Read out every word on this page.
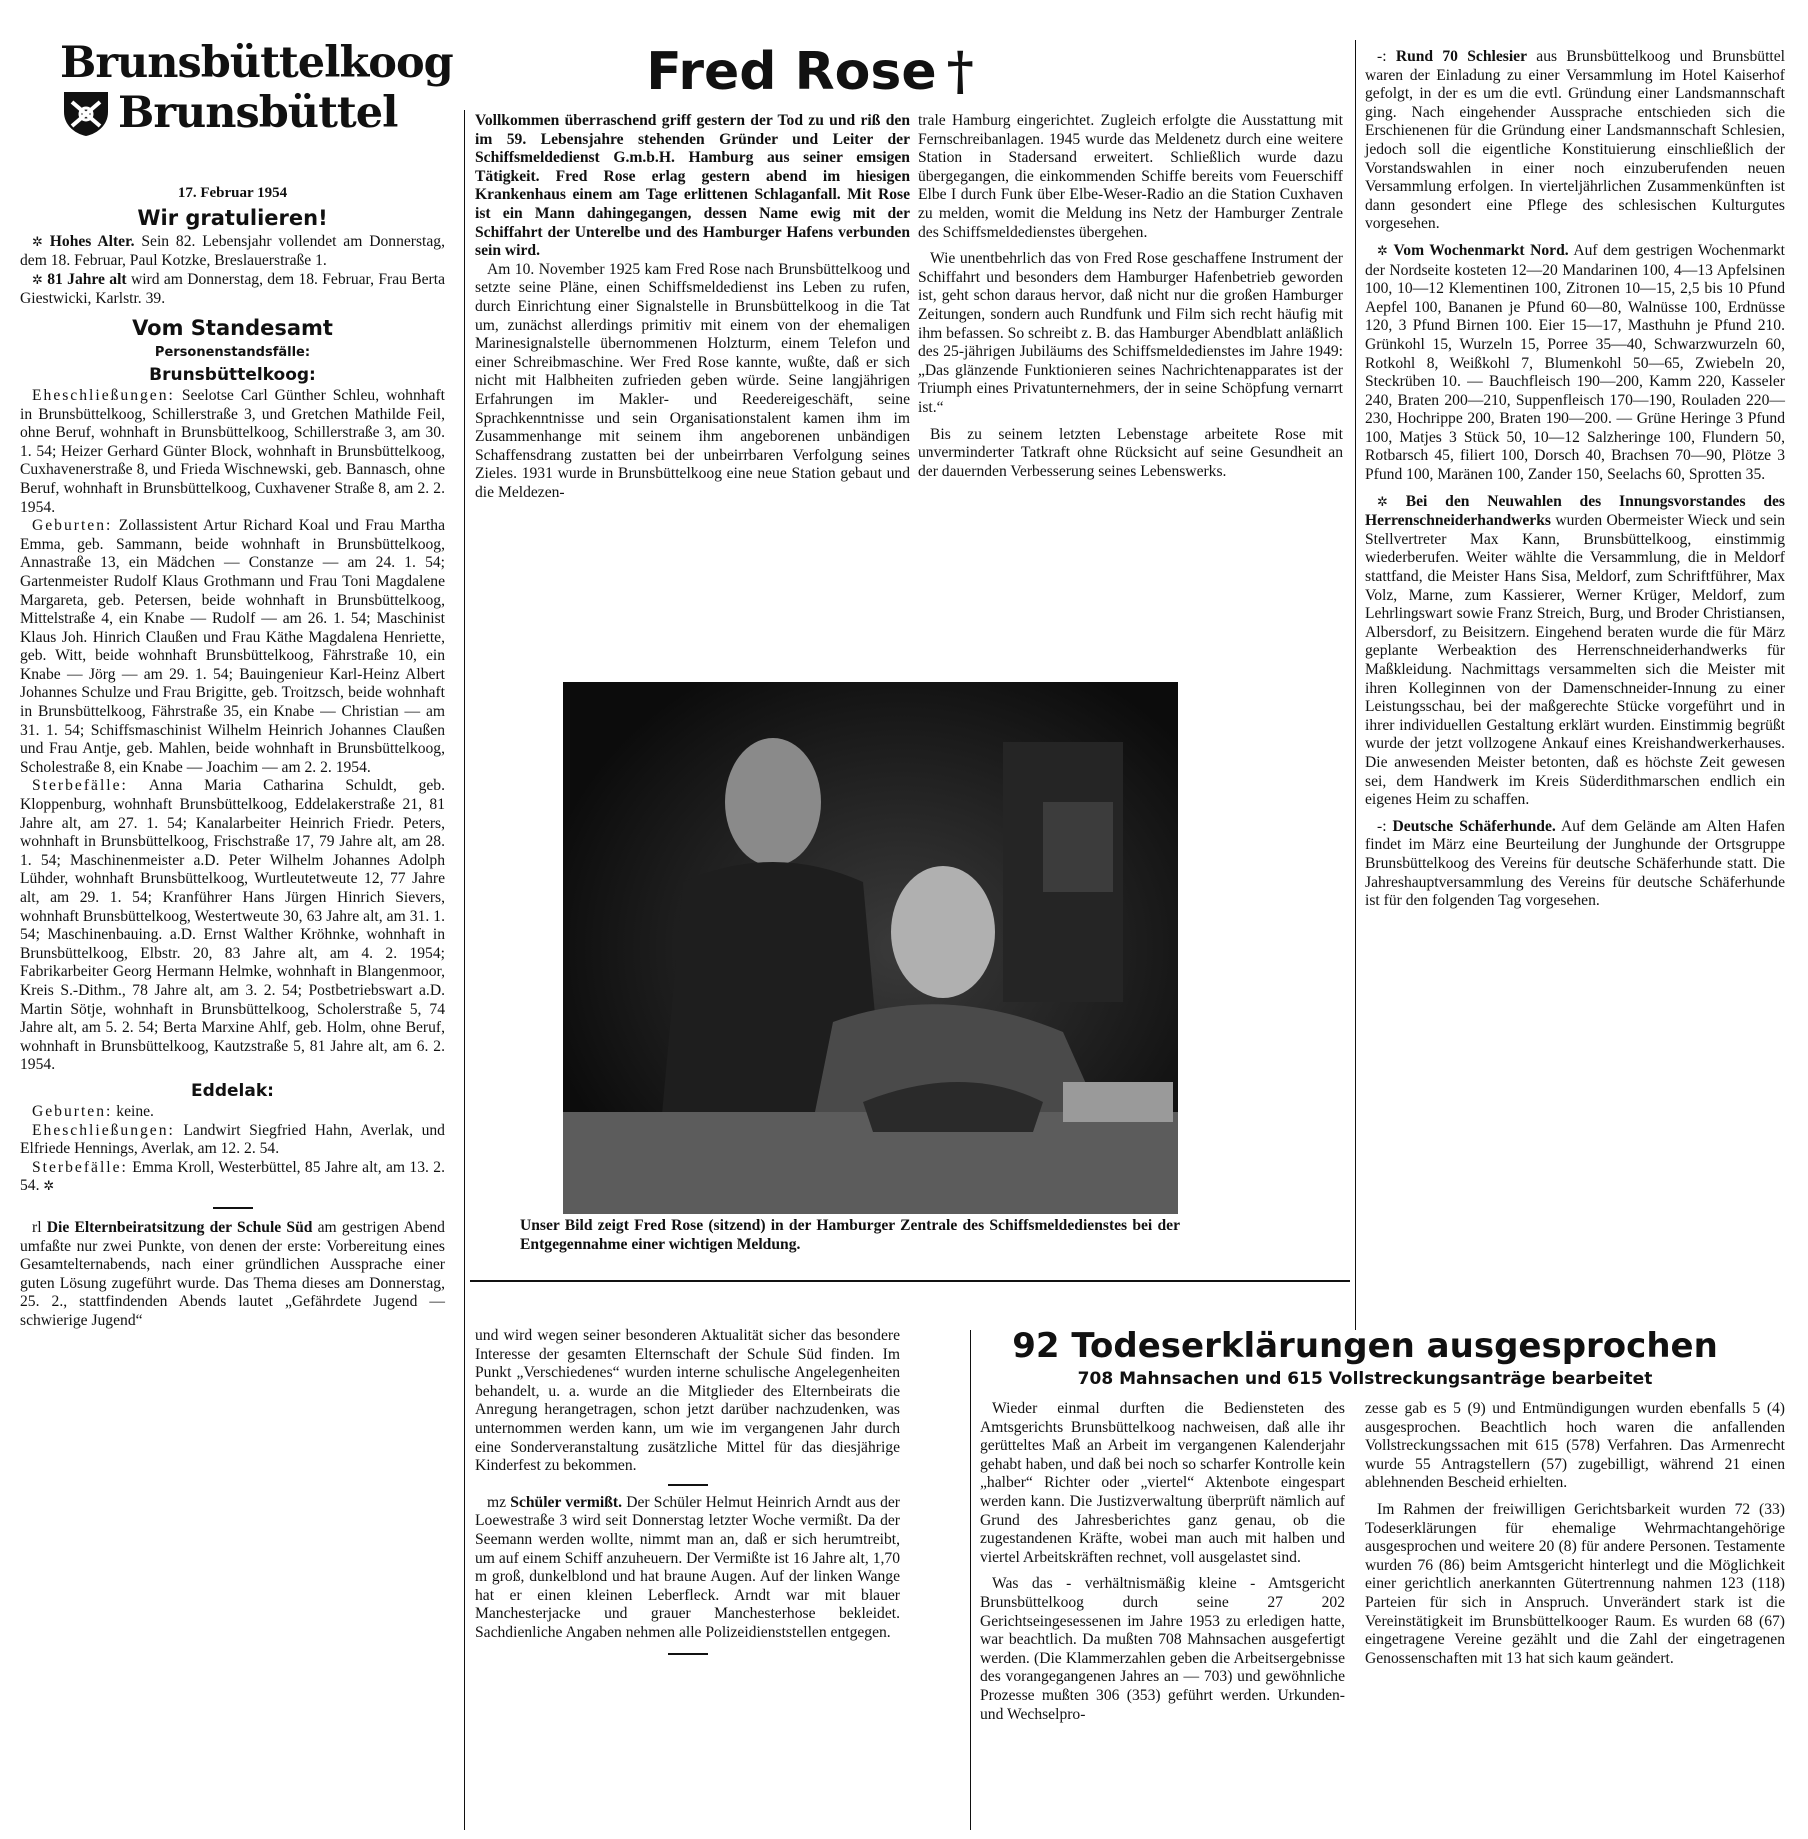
Brunsbüttelkoog
Brunsbüttel
Fred Rose †
17. Februar 1954
Wir gratulieren!

✲ Hohes Alter. Sein 82. Lebensjahr vollendet am Donnerstag, dem 18. Februar, Paul Kotzke, Breslauerstraße 1.

✲ 81 Jahre alt wird am Donnerstag, dem 18. Februar, Frau Berta Giestwicki, Karlstr. 39.

Vom Standesamt
Personenstandsfälle:
Brunsbüttelkoog:

Eheschließungen: Seelotse Carl Günther Schleu, wohnhaft in Brunsbüttelkoog, Schillerstraße 3, und Gretchen Mathilde Feil, ohne Beruf, wohnhaft in Brunsbüttelkoog, Schillerstraße 3, am 30. 1. 54; Heizer Gerhard Günter Block, wohnhaft in Brunsbüttelkoog, Cuxhavenerstraße 8, und Frieda Wischnewski, geb. Bannasch, ohne Beruf, wohnhaft in Brunsbüttelkoog, Cuxhavener Straße 8, am 2. 2. 1954.

Geburten: Zollassistent Artur Richard Koal und Frau Martha Emma, geb. Sammann, beide wohnhaft in Brunsbüttelkoog, Annastraße 13, ein Mädchen — Constanze — am 24. 1. 54; Gartenmeister Rudolf Klaus Grothmann und Frau Toni Magdalene Margareta, geb. Petersen, beide wohnhaft in Brunsbüttelkoog, Mittelstraße 4, ein Knabe — Rudolf — am 26. 1. 54; Maschinist Klaus Joh. Hinrich Claußen und Frau Käthe Magdalena Henriette, geb. Witt, beide wohnhaft Brunsbüttelkoog, Fährstraße 10, ein Knabe — Jörg — am 29. 1. 54; Bauingenieur Karl-Heinz Albert Johannes Schulze und Frau Brigitte, geb. Troitzsch, beide wohnhaft in Brunsbüttelkoog, Fährstraße 35, ein Knabe — Christian — am 31. 1. 54; Schiffsmaschinist Wilhelm Heinrich Johannes Claußen und Frau Antje, geb. Mahlen, beide wohnhaft in Brunsbüttelkoog, Scholestraße 8, ein Knabe — Joachim — am 2. 2. 1954.

Sterbefälle: Anna Maria Catharina Schuldt, geb. Kloppenburg, wohnhaft Brunsbüttelkoog, Eddelakerstraße 21, 81 Jahre alt, am 27. 1. 54; Kanalarbeiter Heinrich Friedr. Peters, wohnhaft in Brunsbüttelkoog, Frischstraße 17, 79 Jahre alt, am 28. 1. 54; Maschinenmeister a.D. Peter Wilhelm Johannes Adolph Lühder, wohnhaft Brunsbüttelkoog, Wurtleutetweute 12, 77 Jahre alt, am 29. 1. 54; Kranführer Hans Jürgen Hinrich Sievers, wohnhaft Brunsbüttelkoog, Westertweute 30, 63 Jahre alt, am 31. 1. 54; Maschinenbauing. a.D. Ernst Walther Kröhnke, wohnhaft in Brunsbüttelkoog, Elbstr. 20, 83 Jahre alt, am 4. 2. 1954; Fabrikarbeiter Georg Hermann Helmke, wohnhaft in Blangenmoor, Kreis S.-Dithm., 78 Jahre alt, am 3. 2. 54; Postbetriebswart a.D. Martin Sötje, wohnhaft in Brunsbüttelkoog, Scholerstraße 5, 74 Jahre alt, am 5. 2. 54; Berta Marxine Ahlf, geb. Holm, ohne Beruf, wohnhaft in Brunsbüttelkoog, Kautzstraße 5, 81 Jahre alt, am 6. 2. 1954.

Eddelak:

Geburten: keine.

Eheschließungen: Landwirt Siegfried Hahn, Averlak, und Elfriede Hennings, Averlak, am 12. 2. 54.

Sterbefälle: Emma Kroll, Westerbüttel, 85 Jahre alt, am 13. 2. 54. ✲

rl Die Elternbeiratsitzung der Schule Süd am gestrigen Abend umfaßte nur zwei Punkte, von denen der erste: Vorbereitung eines Gesamtelternabends, nach einer gründlichen Aussprache einer guten Lösung zugeführt wurde. Das Thema dieses am Donnerstag, 25. 2., stattfindenden Abends lautet „Gefährdete Jugend — schwierige Jugend“

Vollkommen überraschend griff gestern der Tod zu und riß den im 59. Lebensjahre stehenden Gründer und Leiter der Schiffsmeldedienst G.m.b.H. Hamburg aus seiner emsigen Tätigkeit. Fred Rose erlag gestern abend im hiesigen Krankenhaus einem am Tage erlittenen Schlaganfall. Mit Rose ist ein Mann dahingegangen, dessen Name ewig mit der Schiffahrt der Unterelbe und des Hamburger Hafens verbunden sein wird.

Am 10. November 1925 kam Fred Rose nach Brunsbüttelkoog und setzte seine Pläne, einen Schiffsmeldedienst ins Leben zu rufen, durch Einrichtung einer Signalstelle in Brunsbüttelkoog in die Tat um, zunächst allerdings primitiv mit einem von der ehemaligen Marinesignalstelle übernommenen Holzturm, einem Telefon und einer Schreibmaschine. Wer Fred Rose kannte, wußte, daß er sich nicht mit Halbheiten zufrieden geben würde. Seine langjährigen Erfahrungen im Makler- und Reedereigeschäft, seine Sprachkenntnisse und sein Organisationstalent kamen ihm im Zusammenhange mit seinem ihm angeborenen unbändigen Schaffensdrang zustatten bei der unbeirrbaren Verfolgung seines Zieles. 1931 wurde in Brunsbüttelkoog eine neue Station gebaut und die Meldezen-

trale Hamburg eingerichtet. Zugleich erfolgte die Ausstattung mit Fernschreibanlagen. 1945 wurde das Meldenetz durch eine weitere Station in Stadersand erweitert. Schließlich wurde dazu übergegangen, die einkommenden Schiffe bereits vom Feuerschiff Elbe I durch Funk über Elbe-Weser-Radio an die Station Cuxhaven zu melden, womit die Meldung ins Netz der Hamburger Zentrale des Schiffsmeldedienstes übergehen.

Wie unentbehrlich das von Fred Rose geschaffene Instrument der Schiffahrt und besonders dem Hamburger Hafenbetrieb geworden ist, geht schon daraus hervor, daß nicht nur die großen Hamburger Zeitungen, sondern auch Rundfunk und Film sich recht häufig mit ihm befassen. So schreibt z. B. das Hamburger Abendblatt anläßlich des 25-jährigen Jubiläums des Schiffsmeldedienstes im Jahre 1949: „Das glänzende Funktionieren seines Nachrichtenapparates ist der Triumph eines Privatunternehmers, der in seine Schöpfung vernarrt ist.“

Bis zu seinem letzten Lebenstage arbeitete Rose mit unverminderter Tatkraft ohne Rücksicht auf seine Gesundheit an der dauernden Verbesserung seines Lebenswerks.

Unser Bild zeigt Fred Rose (sitzend) in der Hamburger Zentrale des Schiffsmeldedienstes bei der Entgegennahme einer wichtigen Meldung.

und wird wegen seiner besonderen Aktualität sicher das besondere Interesse der gesamten Elternschaft der Schule Süd finden. Im Punkt „Verschiedenes“ wurden interne schulische Angelegenheiten behandelt, u. a. wurde an die Mitglieder des Elternbeirats die Anregung herangetragen, schon jetzt darüber nachzudenken, was unternommen werden kann, um wie im vergangenen Jahr durch eine Sonderveranstaltung zusätzliche Mittel für das diesjährige Kinderfest zu bekommen.

mz Schüler vermißt. Der Schüler Helmut Heinrich Arndt aus der Loewestraße 3 wird seit Donnerstag letzter Woche vermißt. Da der Seemann werden wollte, nimmt man an, daß er sich herumtreibt, um auf einem Schiff anzuheuern. Der Vermißte ist 16 Jahre alt, 1,70 m groß, dunkelblond und hat braune Augen. Auf der linken Wange hat er einen kleinen Leberfleck. Arndt war mit blauer Manchesterjacke und grauer Manchesterhose bekleidet. Sachdienliche Angaben nehmen alle Polizeidienststellen entgegen.

-: Rund 70 Schlesier aus Brunsbüttelkoog und Brunsbüttel waren der Einladung zu einer Versammlung im Hotel Kaiserhof gefolgt, in der es um die evtl. Gründung einer Landsmannschaft ging. Nach eingehender Aussprache entschieden sich die Erschienenen für die Gründung einer Landsmannschaft Schlesien, jedoch soll die eigentliche Konstituierung einschließlich der Vorstandswahlen in einer noch einzuberufenden neuen Versammlung erfolgen. In vierteljährlichen Zusammenkünften ist dann gesondert eine Pflege des schlesischen Kulturgutes vorgesehen.

✲ Vom Wochenmarkt Nord. Auf dem gestrigen Wochenmarkt der Nordseite kosteten 12—20 Mandarinen 100, 4—13 Apfelsinen 100, 10—12 Klementinen 100, Zitronen 10—15, 2,5 bis 10 Pfund Aepfel 100, Bananen je Pfund 60—80, Walnüsse 100, Erdnüsse 120, 3 Pfund Birnen 100. Eier 15—17, Masthuhn je Pfund 210. Grünkohl 15, Wurzeln 15, Porree 35—40, Schwarzwurzeln 60, Rotkohl 8, Weißkohl 7, Blumenkohl 50—65, Zwiebeln 20, Steckrüben 10. — Bauchfleisch 190—200, Kamm 220, Kasseler 240, Braten 200—210, Suppenfleisch 170—190, Rouladen 220—230, Hochrippe 200, Braten 190—200. — Grüne Heringe 3 Pfund 100, Matjes 3 Stück 50, 10—12 Salzheringe 100, Flundern 50, Rotbarsch 45, filiert 100, Dorsch 40, Brachsen 70—90, Plötze 3 Pfund 100, Maränen 100, Zander 150, Seelachs 60, Sprotten 35.

✲ Bei den Neuwahlen des Innungsvorstandes des Herrenschneiderhandwerks wurden Obermeister Wieck und sein Stellvertreter Max Kann, Brunsbüttelkoog, einstimmig wiederberufen. Weiter wählte die Versammlung, die in Meldorf stattfand, die Meister Hans Sisa, Meldorf, zum Schriftführer, Max Volz, Marne, zum Kassierer, Werner Krüger, Meldorf, zum Lehrlingswart sowie Franz Streich, Burg, und Broder Christiansen, Albersdorf, zu Beisitzern. Eingehend beraten wurde die für März geplante Werbeaktion des Herrenschneiderhandwerks für Maßkleidung. Nachmittags versammelten sich die Meister mit ihren Kolleginnen von der Damenschneider-Innung zu einer Leistungsschau, bei der maßgerechte Stücke vorgeführt und in ihrer individuellen Gestaltung erklärt wurden. Einstimmig begrüßt wurde der jetzt vollzogene Ankauf eines Kreishandwerkerhauses. Die anwesenden Meister betonten, daß es höchste Zeit gewesen sei, dem Handwerk im Kreis Süderdithmarschen endlich ein eigenes Heim zu schaffen.

-: Deutsche Schäferhunde. Auf dem Gelände am Alten Hafen findet im März eine Beurteilung der Junghunde der Ortsgruppe Brunsbüttelkoog des Vereins für deutsche Schäferhunde statt. Die Jahreshauptversammlung des Vereins für deutsche Schäferhunde ist für den folgenden Tag vorgesehen.

92 Todeserklärungen ausgesprochen
708 Mahnsachen und 615 Vollstreckungsanträge bearbeitet

Wieder einmal durften die Bediensteten des Amtsgerichts Brunsbüttelkoog nachweisen, daß alle ihr gerütteltes Maß an Arbeit im vergangenen Kalenderjahr gehabt haben, und daß bei noch so scharfer Kontrolle kein „halber“ Richter oder „viertel“ Aktenbote eingespart werden kann. Die Justizverwaltung überprüft nämlich auf Grund des Jahresberichtes ganz genau, ob die zugestandenen Kräfte, wobei man auch mit halben und viertel Arbeitskräften rechnet, voll ausgelastet sind.

Was das - verhältnismäßig kleine - Amtsgericht Brunsbüttelkoog durch seine 27 202 Gerichtseingesessenen im Jahre 1953 zu erledigen hatte, war beachtlich. Da mußten 708 Mahnsachen ausgefertigt werden. (Die Klammerzahlen geben die Arbeitsergebnisse des vorangegangenen Jahres an — 703) und gewöhnliche Prozesse mußten 306 (353) geführt werden. Urkunden- und Wechselpro-

zesse gab es 5 (9) und Entmündigungen wurden ebenfalls 5 (4) ausgesprochen. Beachtlich hoch waren die anfallenden Vollstreckungssachen mit 615 (578) Verfahren. Das Armenrecht wurde 55 Antragstellern (57) zugebilligt, während 21 einen ablehnenden Bescheid erhielten.

Im Rahmen der freiwilligen Gerichtsbarkeit wurden 72 (33) Todeserklärungen für ehemalige Wehrmachtangehörige ausgesprochen und weitere 20 (8) für andere Personen. Testamente wurden 76 (86) beim Amtsgericht hinterlegt und die Möglichkeit einer gerichtlich anerkannten Gütertrennung nahmen 123 (118) Parteien für sich in Anspruch. Unverändert stark ist die Vereinstätigkeit im Brunsbüttelkooger Raum. Es wurden 68 (67) eingetragene Vereine gezählt und die Zahl der eingetragenen Genossenschaften mit 13 hat sich kaum geändert.
